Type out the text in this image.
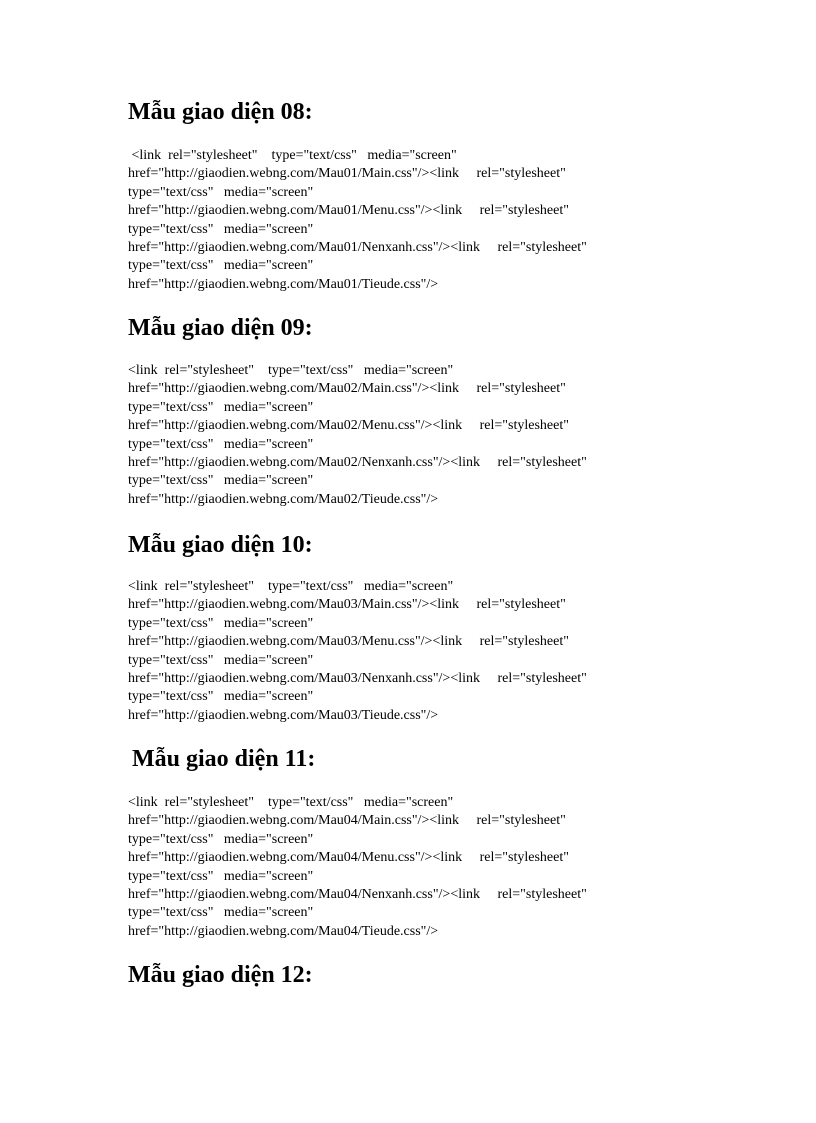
Mẫu giao diện 08:
<link  rel="stylesheet"    type="text/css"   media="screen"
href="http://giaodien.webng.com/Mau01/Main.css"/><link     rel="stylesheet"
type="text/css"   media="screen"
href="http://giaodien.webng.com/Mau01/Menu.css"/><link     rel="stylesheet"
type="text/css"   media="screen"
href="http://giaodien.webng.com/Mau01/Nenxanh.css"/><link     rel="stylesheet"
type="text/css"   media="screen"
href="http://giaodien.webng.com/Mau01/Tieude.css"/>
Mẫu giao diện 09:
<link  rel="stylesheet"    type="text/css"   media="screen"
href="http://giaodien.webng.com/Mau02/Main.css"/><link     rel="stylesheet"
type="text/css"   media="screen"
href="http://giaodien.webng.com/Mau02/Menu.css"/><link     rel="stylesheet"
type="text/css"   media="screen"
href="http://giaodien.webng.com/Mau02/Nenxanh.css"/><link     rel="stylesheet"
type="text/css"   media="screen"
href="http://giaodien.webng.com/Mau02/Tieude.css"/>
Mẫu giao diện 10:
<link  rel="stylesheet"    type="text/css"   media="screen"
href="http://giaodien.webng.com/Mau03/Main.css"/><link     rel="stylesheet"
type="text/css"   media="screen"
href="http://giaodien.webng.com/Mau03/Menu.css"/><link     rel="stylesheet"
type="text/css"   media="screen"
href="http://giaodien.webng.com/Mau03/Nenxanh.css"/><link     rel="stylesheet"
type="text/css"   media="screen"
href="http://giaodien.webng.com/Mau03/Tieude.css"/>
Mẫu giao diện 11:
<link  rel="stylesheet"    type="text/css"   media="screen"
href="http://giaodien.webng.com/Mau04/Main.css"/><link     rel="stylesheet"
type="text/css"   media="screen"
href="http://giaodien.webng.com/Mau04/Menu.css"/><link     rel="stylesheet"
type="text/css"   media="screen"
href="http://giaodien.webng.com/Mau04/Nenxanh.css"/><link     rel="stylesheet"
type="text/css"   media="screen"
href="http://giaodien.webng.com/Mau04/Tieude.css"/>
Mẫu giao diện 12:
